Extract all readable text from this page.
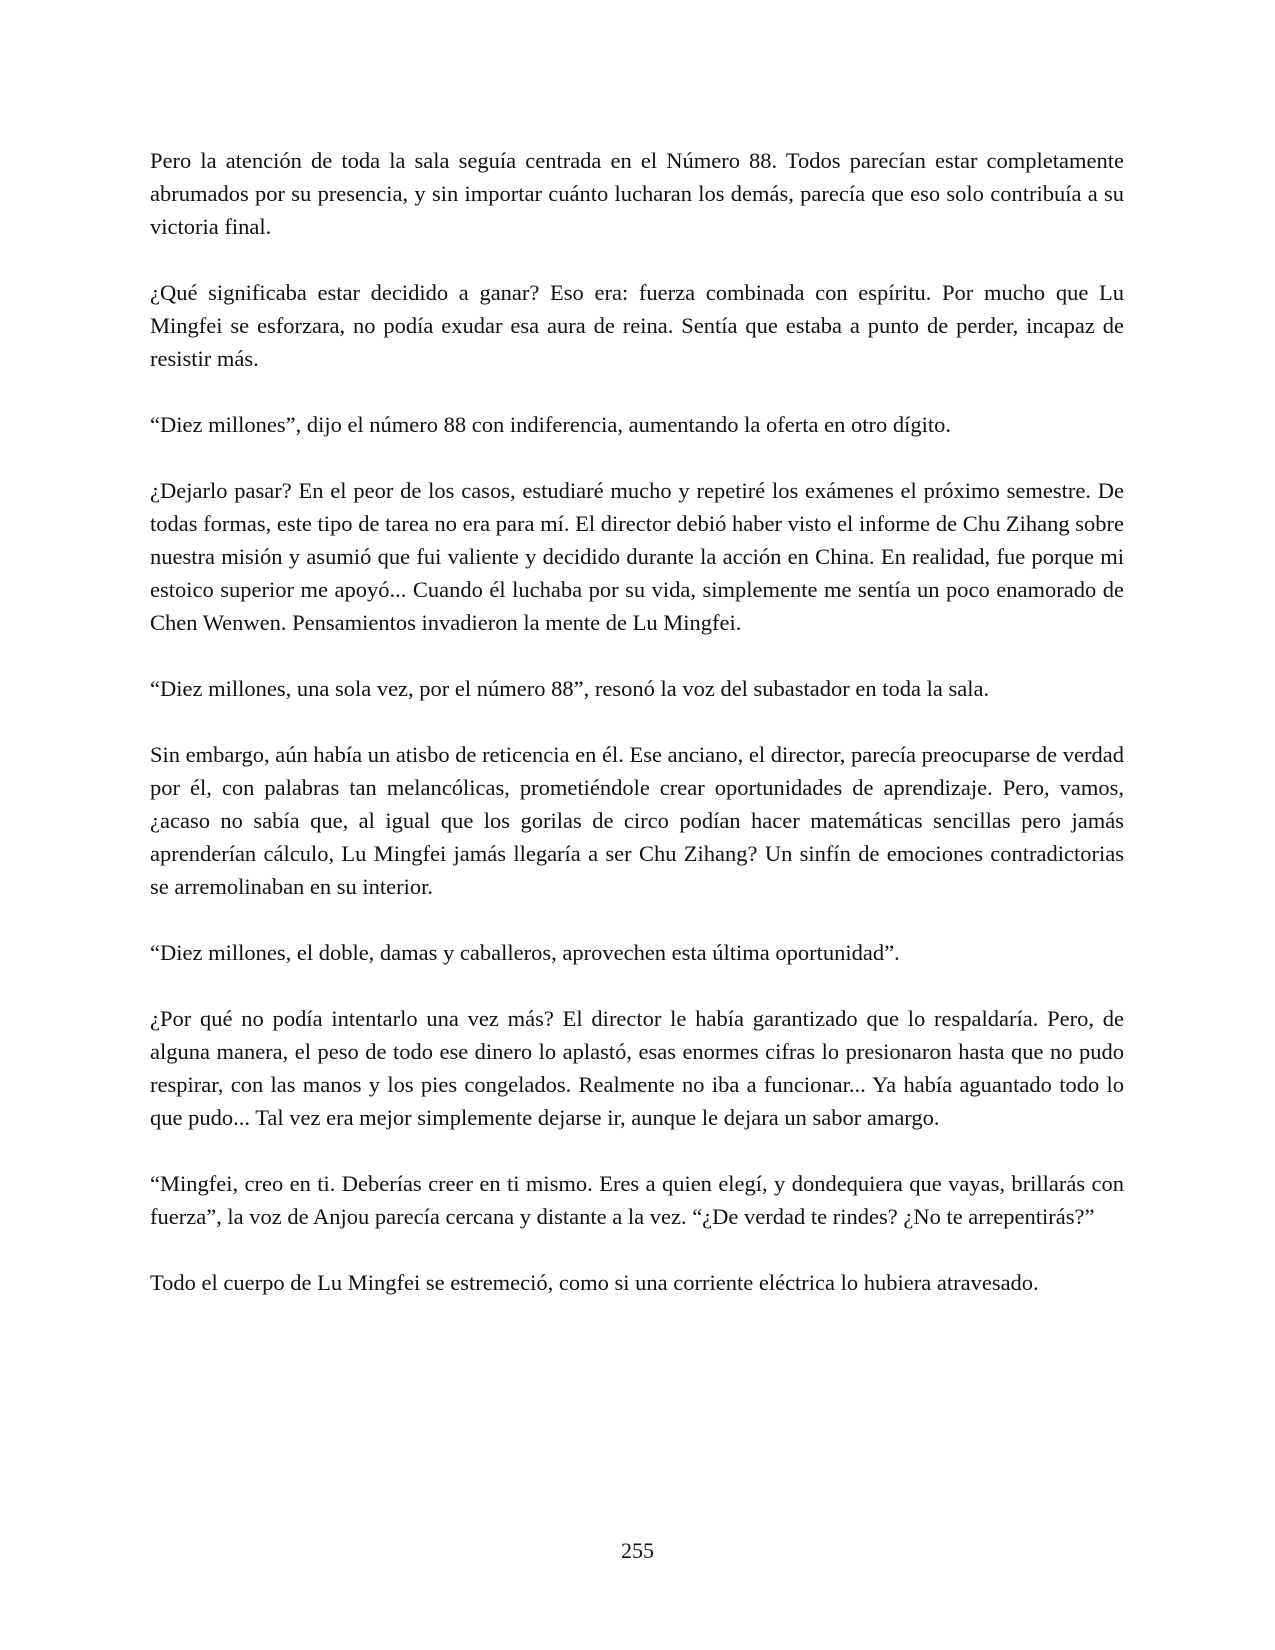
Pero la atención de toda la sala seguía centrada en el Número 88. Todos parecían estar completamente abrumados por su presencia, y sin importar cuánto lucharan los demás, parecía que eso solo contribuía a su victoria final.

¿Qué significaba estar decidido a ganar? Eso era: fuerza combinada con espíritu. Por mucho que Lu Mingfei se esforzara, no podía exudar esa aura de reina. Sentía que estaba a punto de perder, incapaz de resistir más.

“Diez millones”, dijo el número 88 con indiferencia, aumentando la oferta en otro dígito.

¿Dejarlo pasar? En el peor de los casos, estudiaré mucho y repetiré los exámenes el próximo semestre. De todas formas, este tipo de tarea no era para mí. El director debió haber visto el informe de Chu Zihang sobre nuestra misión y asumió que fui valiente y decidido durante la acción en China. En realidad, fue porque mi estoico superior me apoyó... Cuando él luchaba por su vida, simplemente me sentía un poco enamorado de Chen Wenwen. Pensamientos invadieron la mente de Lu Mingfei.

“Diez millones, una sola vez, por el número 88”, resonó la voz del subastador en toda la sala.

Sin embargo, aún había un atisbo de reticencia en él. Ese anciano, el director, parecía preocuparse de verdad por él, con palabras tan melancólicas, prometiéndole crear oportunidades de aprendizaje. Pero, vamos, ¿acaso no sabía que, al igual que los gorilas de circo podían hacer matemáticas sencillas pero jamás aprenderían cálculo, Lu Mingfei jamás llegaría a ser Chu Zihang? Un sinfín de emociones contradictorias se arremolinaban en su interior.

“Diez millones, el doble, damas y caballeros, aprovechen esta última oportunidad”.

¿Por qué no podía intentarlo una vez más? El director le había garantizado que lo respaldaría. Pero, de alguna manera, el peso de todo ese dinero lo aplastó, esas enormes cifras lo presionaron hasta que no pudo respirar, con las manos y los pies congelados. Realmente no iba a funcionar... Ya había aguantado todo lo que pudo... Tal vez era mejor simplemente dejarse ir, aunque le dejara un sabor amargo.

“Mingfei, creo en ti. Deberías creer en ti mismo. Eres a quien elegí, y dondequiera que vayas, brillarás con fuerza”, la voz de Anjou parecía cercana y distante a la vez. “¿De verdad te rindes? ¿No te arrepentirás?”

Todo el cuerpo de Lu Mingfei se estremeció, como si una corriente eléctrica lo hubiera atravesado.

255
